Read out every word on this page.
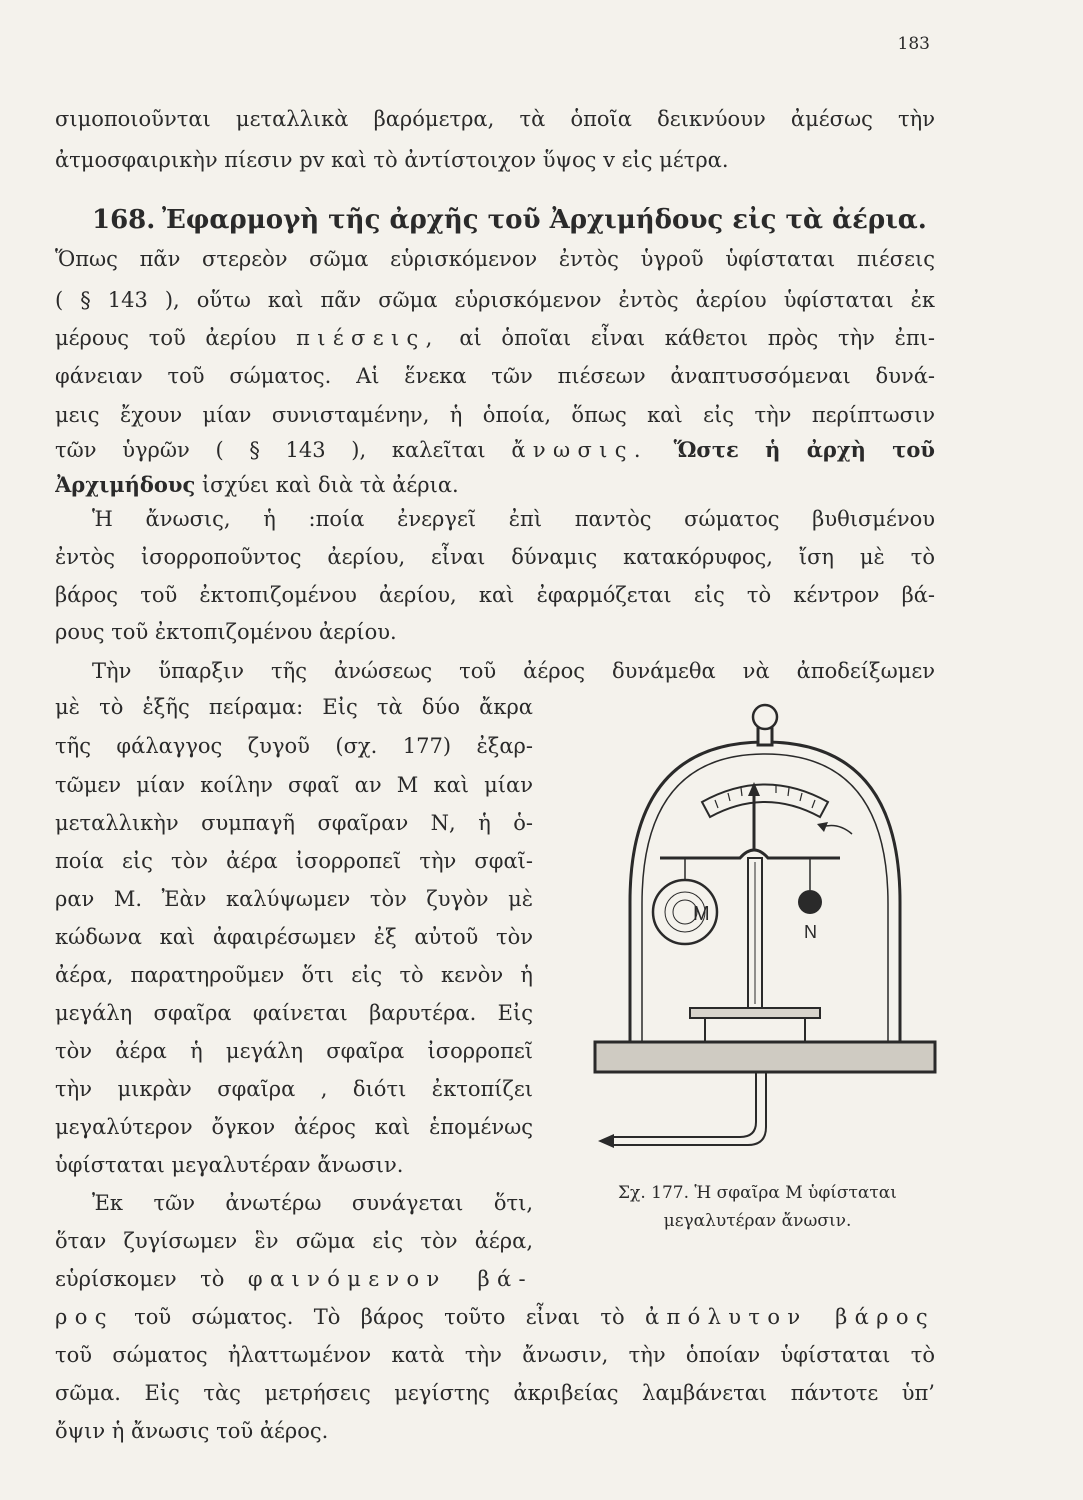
183
σιμοποιοῦνται μεταλλικὰ βαρόμετρα, τὰ ὁποῖα δεικνύουν ἀμέσως τὴν
ἀτμοσφαιρικὴν πίεσιν pv καὶ τὸ ἀντίστοιχον ὕψος v εἰς μέτρα.
168. Ἐφαρμογὴ τῆς ἀρχῆς τοῦ Ἀρχιμήδους εἰς τὰ ἀέρια.
Ὅπως πᾶν στερεὸν σῶμα εὑρισκόμενον ἐντὸς ὑγροῦ ὑφίσταται πιέσεις
( § 143 ), οὕτω καὶ πᾶν σῶμα εὑρισκόμενον ἐντὸς ἀερίου ὑφίσταται ἐκ
μέρους τοῦ ἀερίου πιέσεις, αἱ ὁποῖαι εἶναι κάθετοι πρὸς τὴν ἐπι-
φάνειαν τοῦ σώματος. Αἱ ἕνεκα τῶν πιέσεων ἀναπτυσσόμεναι δυνά-
μεις ἔχουν μίαν συνισταμένην, ἡ ὁποία, ὅπως καὶ εἰς τὴν περίπτωσιν
τῶν ὑγρῶν ( § 143 ), καλεῖται ἄνωσις. Ὥστε ἡ ἀρχὴ τοῦ
Ἀρχιμήδους ἰσχύει καὶ διὰ τὰ ἀέρια.
Ἡ ἄνωσις, ἡ :ποία ἐνεργεῖ ἐπὶ παντὸς σώματος βυθισμένου
ἐντὸς ἰσορροποῦντος ἀερίου, εἶναι δύναμις κατακόρυφος, ἴση μὲ τὸ
βάρος τοῦ ἐκτοπιζομένου ἀερίου, καὶ ἐφαρμόζεται εἰς τὸ κέντρον βά-
ρους τοῦ ἐκτοπιζομένου ἀερίου.
Τὴν ὕπαρξιν τῆς ἀνώσεως τοῦ ἀέρος δυνάμεθα νὰ ἀποδείξωμεν
μὲ τὸ ἑξῆς πείραμα: Εἰς τὰ δύο ἄκρα
τῆς φάλαγγος ζυγοῦ (σχ. 177) ἐξαρ-
τῶμεν μίαν κοίλην σφαῖ αν Μ καὶ μίαν
μεταλλικὴν συμπαγῆ σφαῖραν Ν, ἡ ὁ-
ποία εἰς τὸν ἀέρα ἰσορροπεῖ τὴν σφαῖ-
ραν Μ. Ἐὰν καλύψωμεν τὸν ζυγὸν μὲ
κώδωνα καὶ ἀφαιρέσωμεν ἐξ αὐτοῦ τὸν
ἀέρα, παρατηροῦμεν ὅτι εἰς τὸ κενὸν ἡ
μεγάλη σφαῖρα φαίνεται βαρυτέρα. Εἰς
τὸν ἀέρα ἡ μεγάλη σφαῖρα ἰσορροπεῖ
τὴν μικρὰν σφαῖρα , διότι ἐκτοπίζει
μεγαλύτερον ὄγκον ἀέρος καὶ ἑπομένως
ὑφίσταται μεγαλυτέραν ἄνωσιν.
Ἐκ τῶν ἀνωτέρω συνάγεται ὅτι,
ὅταν ζυγίσωμεν ἓν σῶμα εἰς τὸν ἀέρα,
εὑρίσκομεν τὸ φαινόμενον βά-
ρος τοῦ σώματος. Τὸ βάρος τοῦτο εἶναι τὸ ἀπόλυτον βάρος
τοῦ σώματος ἠλαττωμένον κατὰ τὴν ἄνωσιν, τὴν ὁποίαν ὑφίσταται τὸ
σῶμα. Εἰς τὰς μετρήσεις μεγίστης ἀκριβείας λαμβάνεται πάντοτε ὑπ’
ὄψιν ἡ ἄνωσις τοῦ ἀέρος.
M
N
Σχ. 177. Ἡ σφαῖρα Μ ὑφίσταται
μεγαλυτέραν ἄνωσιν.
